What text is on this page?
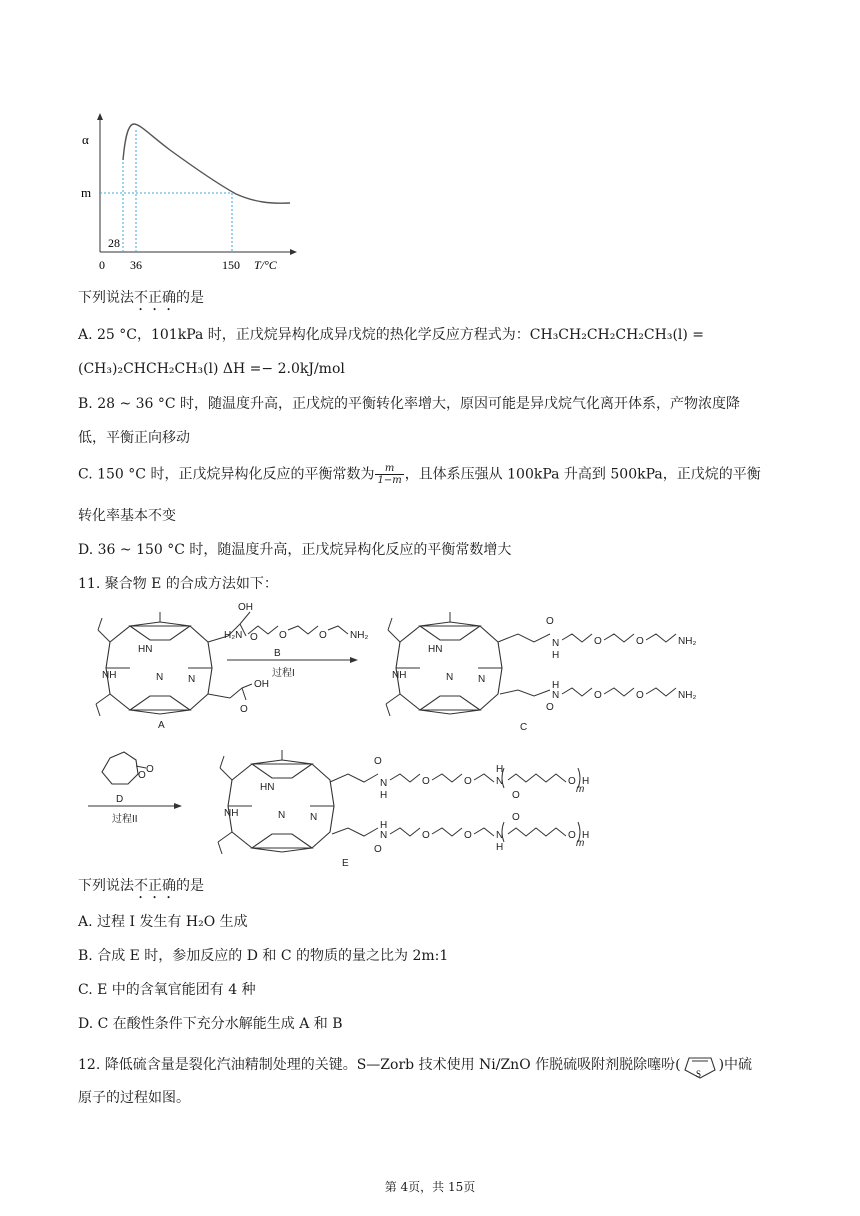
α
m
28
0 36	150 T/°C
下列说法不正确的是
A. 25 °C，101kPa 时，正戊烷异构化成异戊烷的热化学反应方程式为：CH₃CH₂CH₂CH₂CH₃(l) =
(CH₃)₂CHCH₂CH₃(l) ΔH =− 2.0kJ/mol
B. 28 ~ 36 °C 时，随温度升高，正戊烷的平衡转化率增大，原因可能是异戊烷气化离开体系，产物浓度降
低，平衡正向移动
C. 150 °C 时，正戊烷异构化反应的平衡常数为 $\frac{m}{1-m}$ ，且体系压强从 100kPa 升高到 500kPa，正戊烷的平衡
转化率基本不变
D. 36 ~ 150 °C 时，随温度升高，正戊烷异构化反应的平衡常数增大
11. 聚合物 E 的合成方法如下：
HN
N
NH	N
OH
O
OH
O
A
H₂N	O	O NH₂
B
过程I
HN
N
NH	N
O
N
H
O	O	NH₂
O
N
H
O	O	NH₂
C
O
O
D
过程II
HN
N
NH	N
O
N
H
O	O N
H
O
O H
m
O
N
H
O	O N
H
O
O H
m
E
下列说法不正确的是
A. 过程 Ⅰ 发生有 H₂O 生成
B. 合成 E 时，参加反应的 D 和 C 的物质的量之比为 2m:1
C. E 中的含氧官能团有 4 种
D. C 在酸性条件下充分水解能生成 A 和 B
12. 降低硫含量是裂化汽油精制处理的关键。S—Zorb 技术使用 Ni/ZnO 作脱硫吸附剂脱除噻吩(
S
)中硫
原子的过程如图。
第 4页，共 15页
